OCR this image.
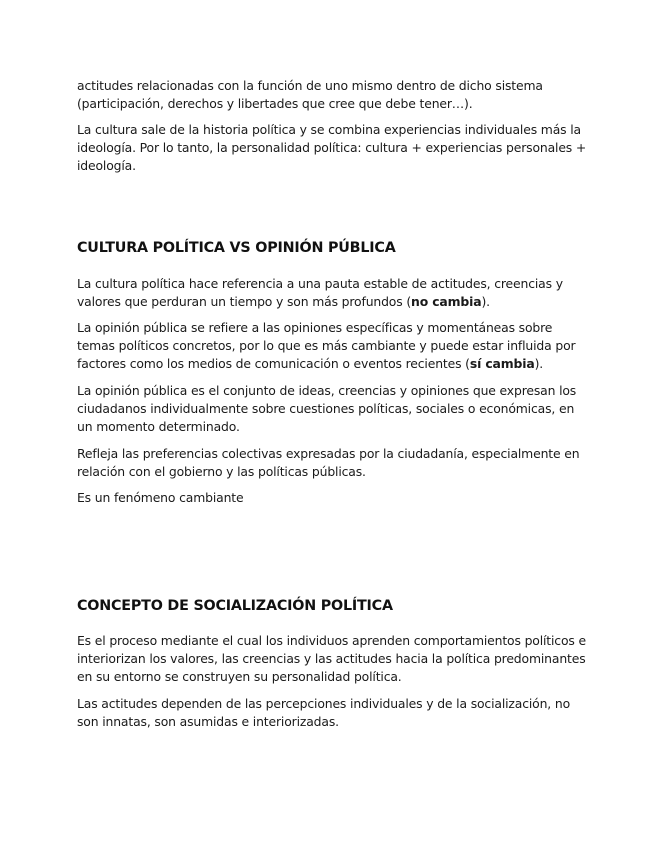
actitudes relacionadas con la función de uno mismo dentro de dicho sistema (participación, derechos y libertades que cree que debe tener…).

La cultura sale de la historia política y se combina experiencias individuales más la ideología. Por lo tanto, la personalidad política: cultura + experiencias personales + ideología.

CULTURA POLÍTICA VS OPINIÓN PÚBLICA

La cultura política hace referencia a una pauta estable de actitudes, creencias y valores que perduran un tiempo y son más profundos (no cambia).

La opinión pública se refiere a las opiniones específicas y momentáneas sobre temas políticos concretos, por lo que es más cambiante y puede estar influida por factores como los medios de comunicación o eventos recientes (sí cambia).

La opinión pública es el conjunto de ideas, creencias y opiniones que expresan los ciudadanos individualmente sobre cuestiones políticas, sociales o económicas, en un momento determinado.

Refleja las preferencias colectivas expresadas por la ciudadanía, especialmente en relación con el gobierno y las políticas públicas.

Es un fenómeno cambiante

CONCEPTO DE SOCIALIZACIÓN POLÍTICA

Es el proceso mediante el cual los individuos aprenden comportamientos políticos e interiorizan los valores, las creencias y las actitudes hacia la política predominantes en su entorno se construyen su personalidad política.

Las actitudes dependen de las percepciones individuales y de la socialización, no son innatas, son asumidas e interiorizadas.
